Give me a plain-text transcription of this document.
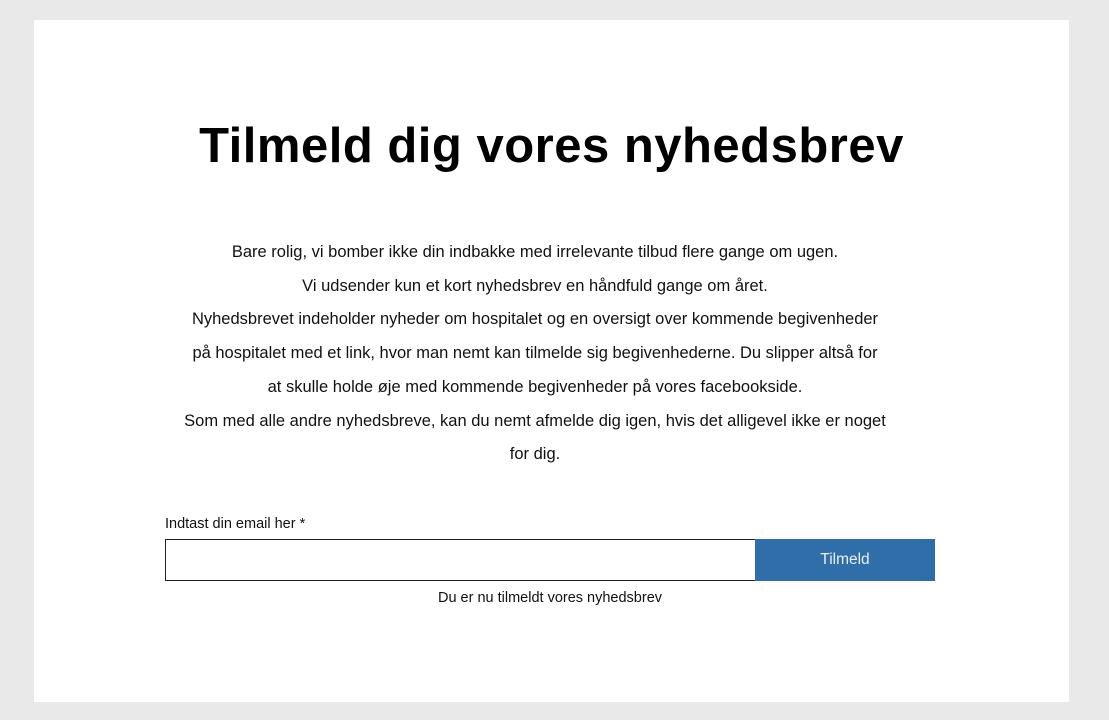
Tilmeld dig vores nyhedsbrev

Bare rolig, vi bomber ikke din indbakke med irrelevante tilbud flere gange om ugen.
Vi udsender kun et kort nyhedsbrev en håndfuld gange om året.
Nyhedsbrevet indeholder nyheder om hospitalet og en oversigt over kommende begivenheder
på hospitalet med et link, hvor man nemt kan tilmelde sig begivenhederne. Du slipper altså for
at skulle holde øje med kommende begivenheder på vores facebookside.
Som med alle andre nyhedsbreve, kan du nemt afmelde dig igen, hvis det alligevel ikke er noget
for dig.

Indtast din email her *
Tilmeld
Du er nu tilmeldt vores nyhedsbrev
